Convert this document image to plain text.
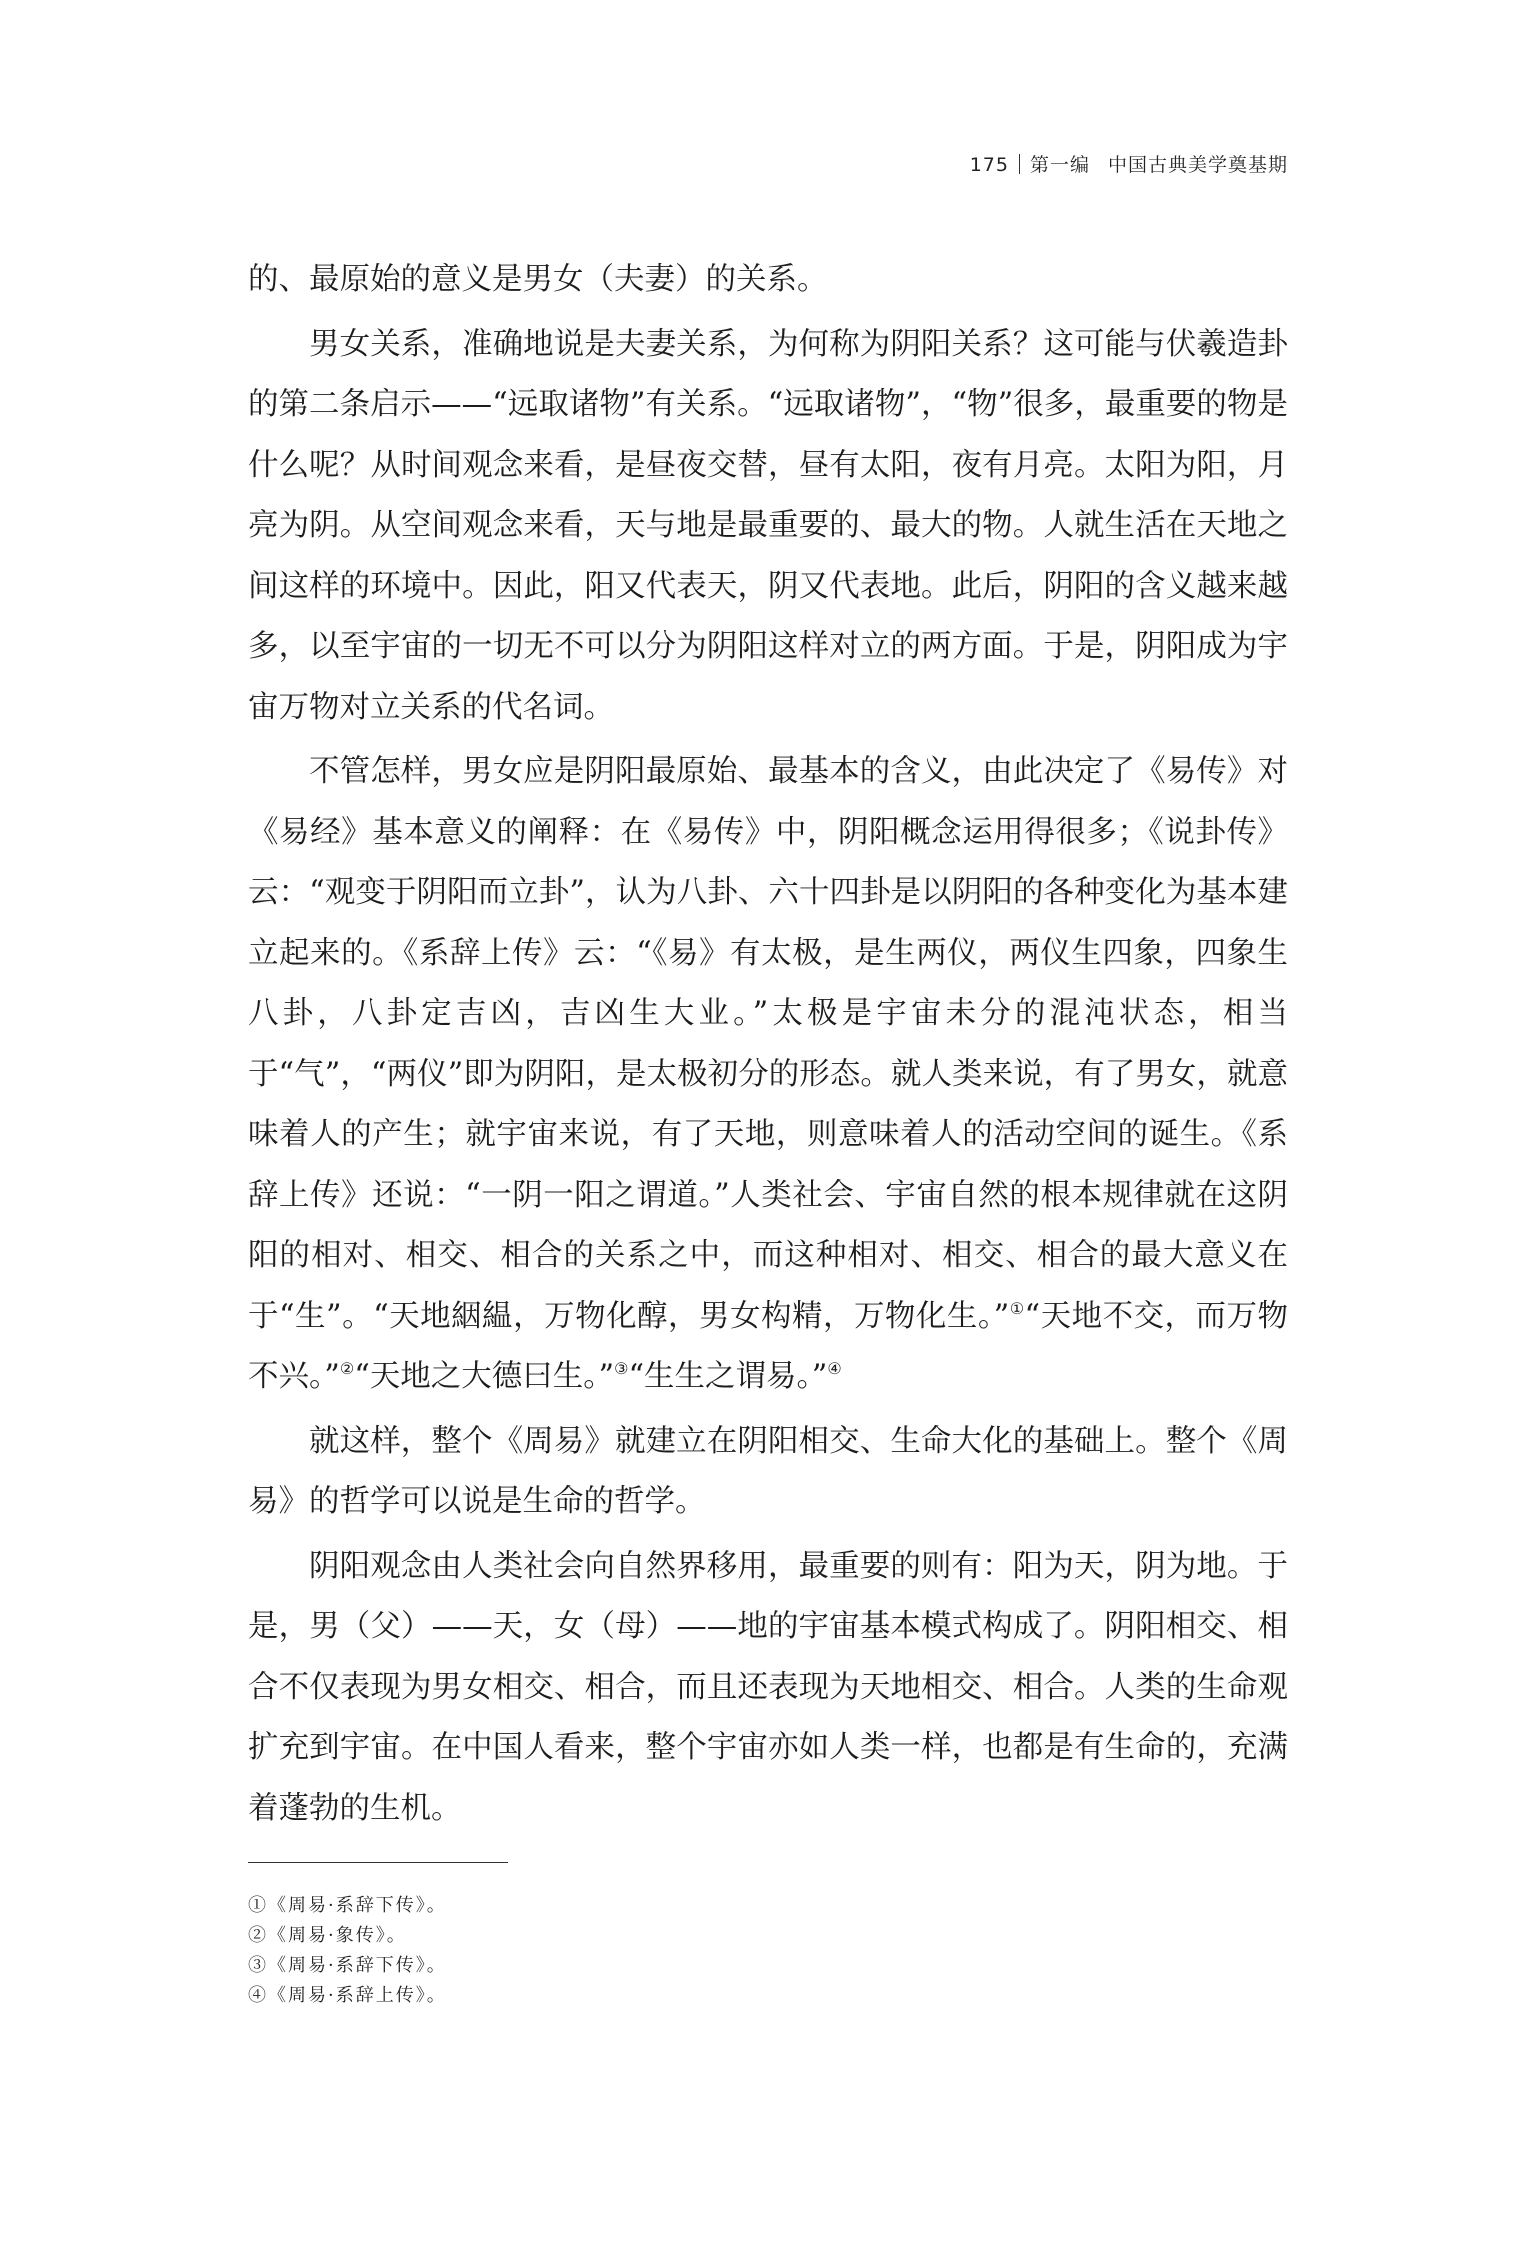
175 第一编 中国古典美学奠基期

的、最原始的意义是男女（夫妻）的关系。

男女关系，准确地说是夫妻关系，为何称为阴阳关系？这可能与伏羲造卦的第二条启示——“远取诸物”有关系。“远取诸物”，“物”很多，最重要的物是什么呢？从时间观念来看，是昼夜交替，昼有太阳，夜有月亮。太阳为阳，月亮为阴。从空间观念来看，天与地是最重要的、最大的物。人就生活在天地之间这样的环境中。因此，阳又代表天，阴又代表地。此后，阴阳的含义越来越多，以至宇宙的一切无不可以分为阴阳这样对立的两方面。于是，阴阳成为宇宙万物对立关系的代名词。

不管怎样，男女应是阴阳最原始、最基本的含义，由此决定了《易传》对《易经》基本意义的阐释：在《易传》中，阴阳概念运用得很多；《说卦传》云：“观变于阴阳而立卦”，认为八卦、六十四卦是以阴阳的各种变化为基本建立起来的。《系辞上传》云：“《易》有太极，是生两仪，两仪生四象，四象生八卦，八卦定吉凶，吉凶生大业。”太极是宇宙未分的混沌状态，相当于“气”，“两仪”即为阴阳，是太极初分的形态。就人类来说，有了男女，就意味着人的产生；就宇宙来说，有了天地，则意味着人的活动空间的诞生。《系辞上传》还说：“一阴一阳之谓道。”人类社会、宇宙自然的根本规律就在这阴阳的相对、相交、相合的关系之中，而这种相对、相交、相合的最大意义在于“生”。“天地絪緼，万物化醇，男女构精，万物化生。”①“天地不交，而万物不兴。”②“天地之大德曰生。”③“生生之谓易。”④

就这样，整个《周易》就建立在阴阳相交、生命大化的基础上。整个《周易》的哲学可以说是生命的哲学。

阴阳观念由人类社会向自然界移用，最重要的则有：阳为天，阴为地。于是，男（父）——天，女（母）——地的宇宙基本模式构成了。阴阳相交、相合不仅表现为男女相交、相合，而且还表现为天地相交、相合。人类的生命观扩充到宇宙。在中国人看来，整个宇宙亦如人类一样，也都是有生命的，充满着蓬勃的生机。

①《周易·系辞下传》。
②《周易·象传》。
③《周易·系辞下传》。
④《周易·系辞上传》。
